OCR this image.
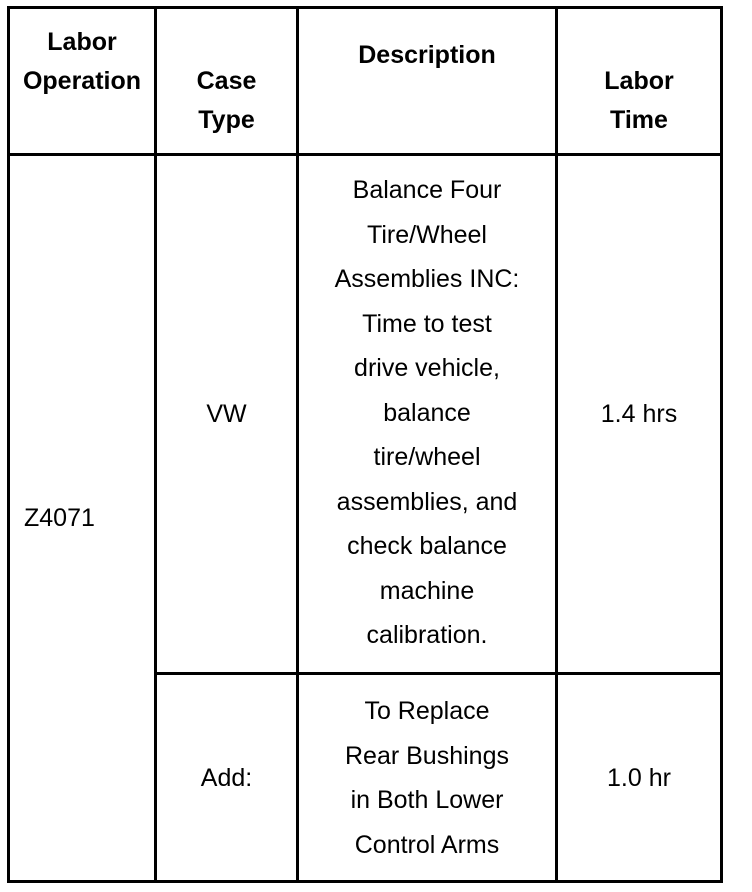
Labor
Operation	Case
Type
Description
Labor
Time
Z4071
VW
Balance Four
Tire/Wheel
Assemblies INC:
Time to test
drive vehicle,
balance
tire/wheel
assemblies, and
check balance
machine
calibration.
1.4 hrs
Add:
To Replace
Rear Bushings
in Both Lower
Control Arms
1.0 hr
